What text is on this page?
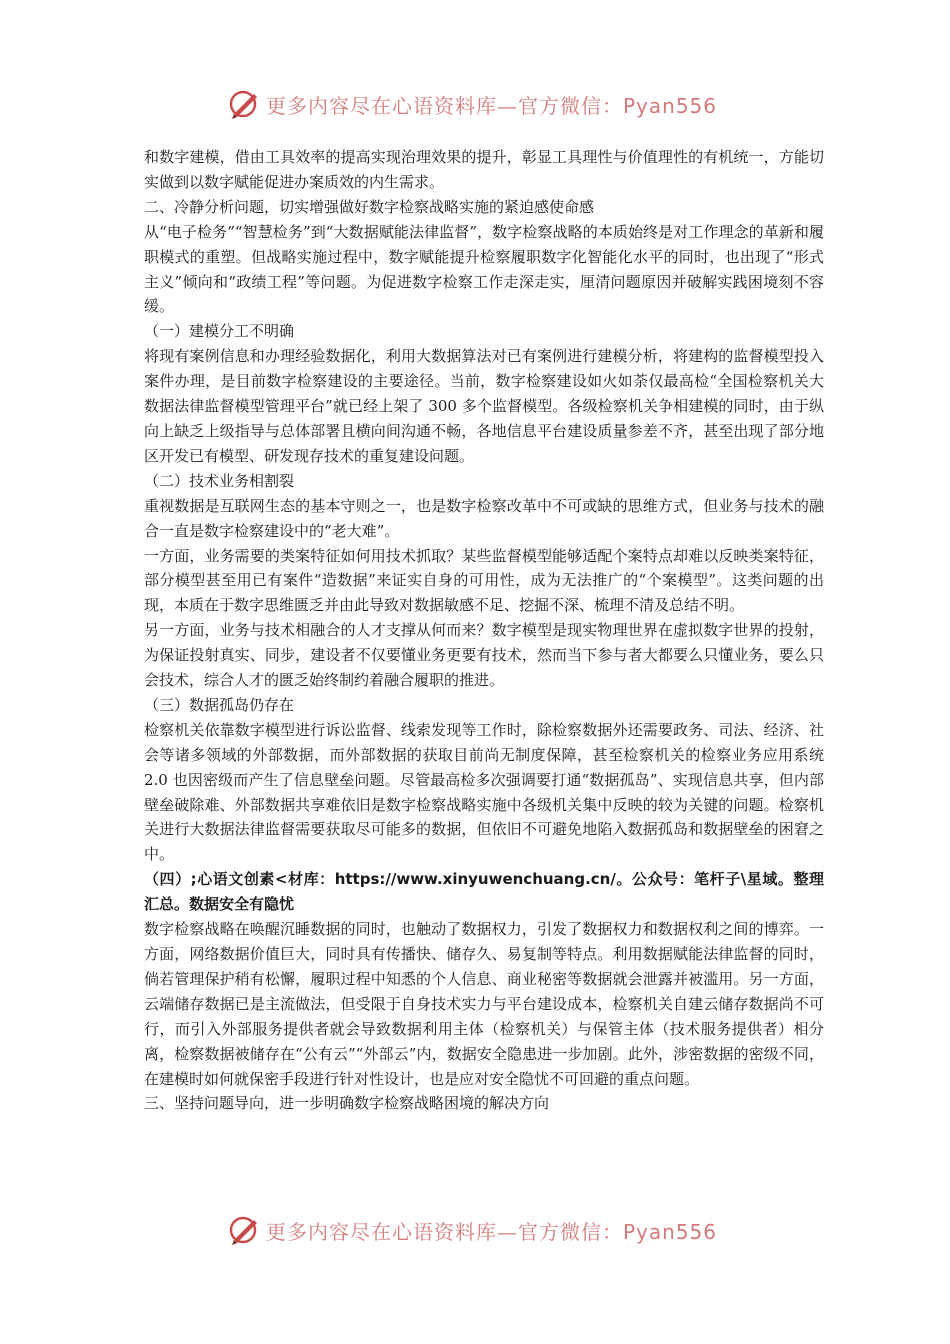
更多内容尽在心语资料库—官方微信：Pyan556

和数字建模，借由工具效率的提高实现治理效果的提升，彰显工具理性与价值理性的有机统一，方能切实做到以数字赋能促进办案质效的内生需求。

二、冷静分析问题，切实增强做好数字检察战略实施的紧迫感使命感

从“电子检务”“智慧检务”到“大数据赋能法律监督”，数字检察战略的本质始终是对工作理念的革新和履职模式的重塑。但战略实施过程中，数字赋能提升检察履职数字化智能化水平的同时，也出现了“形式主义”倾向和“政绩工程”等问题。为促进数字检察工作走深走实，厘清问题原因并破解实践困境刻不容缓。

（一）建模分工不明确

将现有案例信息和办理经验数据化，利用大数据算法对已有案例进行建模分析，将建构的监督模型投入案件办理，是目前数字检察建设的主要途径。当前，数字检察建设如火如荼仅最高检“全国检察机关大数据法律监督模型管理平台”就已经上架了 300 多个监督模型。各级检察机关争相建模的同时，由于纵向上缺乏上级指导与总体部署且横向间沟通不畅，各地信息平台建设质量参差不齐，甚至出现了部分地区开发已有模型、研发现存技术的重复建设问题。

（二）技术业务相割裂

重视数据是互联网生态的基本守则之一，也是数字检察改革中不可或缺的思维方式，但业务与技术的融合一直是数字检察建设中的“老大难”。

一方面，业务需要的类案特征如何用技术抓取？某些监督模型能够适配个案特点却难以反映类案特征，部分模型甚至用已有案件“造数据”来证实自身的可用性，成为无法推广的“个案模型”。这类问题的出现，本质在于数字思维匮乏并由此导致对数据敏感不足、挖掘不深、梳理不清及总结不明。

另一方面，业务与技术相融合的人才支撑从何而来？数字模型是现实物理世界在虚拟数字世界的投射，为保证投射真实、同步，建设者不仅要懂业务更要有技术，然而当下参与者大都要么只懂业务，要么只会技术，综合人才的匮乏始终制约着融合履职的推进。

（三）数据孤岛仍存在

检察机关依靠数字模型进行诉讼监督、线索发现等工作时，除检察数据外还需要政务、司法、经济、社会等诸多领域的外部数据，而外部数据的获取目前尚无制度保障，甚至检察机关的检察业务应用系统 2.0 也因密级而产生了信息壁垒问题。尽管最高检多次强调要打通“数据孤岛”、实现信息共享，但内部壁垒破除难、外部数据共享难依旧是数字检察战略实施中各级机关集中反映的较为关键的问题。检察机关进行大数据法律监督需要获取尽可能多的数据，但依旧不可避免地陷入数据孤岛和数据壁垒的困窘之中。

（四）;心语文创素<材库：https://www.xinyuwenchuang.cn/。公众号：笔杆子\星域。整理汇总。数据安全有隐忧

数字检察战略在唤醒沉睡数据的同时，也触动了数据权力，引发了数据权力和数据权利之间的博弈。一方面，网络数据价值巨大，同时具有传播快、储存久、易复制等特点。利用数据赋能法律监督的同时，倘若管理保护稍有松懈，履职过程中知悉的个人信息、商业秘密等数据就会泄露并被滥用。另一方面，云端储存数据已是主流做法，但受限于自身技术实力与平台建设成本，检察机关自建云储存数据尚不可行，而引入外部服务提供者就会导致数据利用主体（检察机关）与保管主体（技术服务提供者）相分离，检察数据被储存在“公有云”“外部云”内，数据安全隐患进一步加剧。此外，涉密数据的密级不同，在建模时如何就保密手段进行针对性设计，也是应对安全隐忧不可回避的重点问题。

三、坚持问题导向，进一步明确数字检察战略困境的解决方向

更多内容尽在心语资料库—官方微信：Pyan556
